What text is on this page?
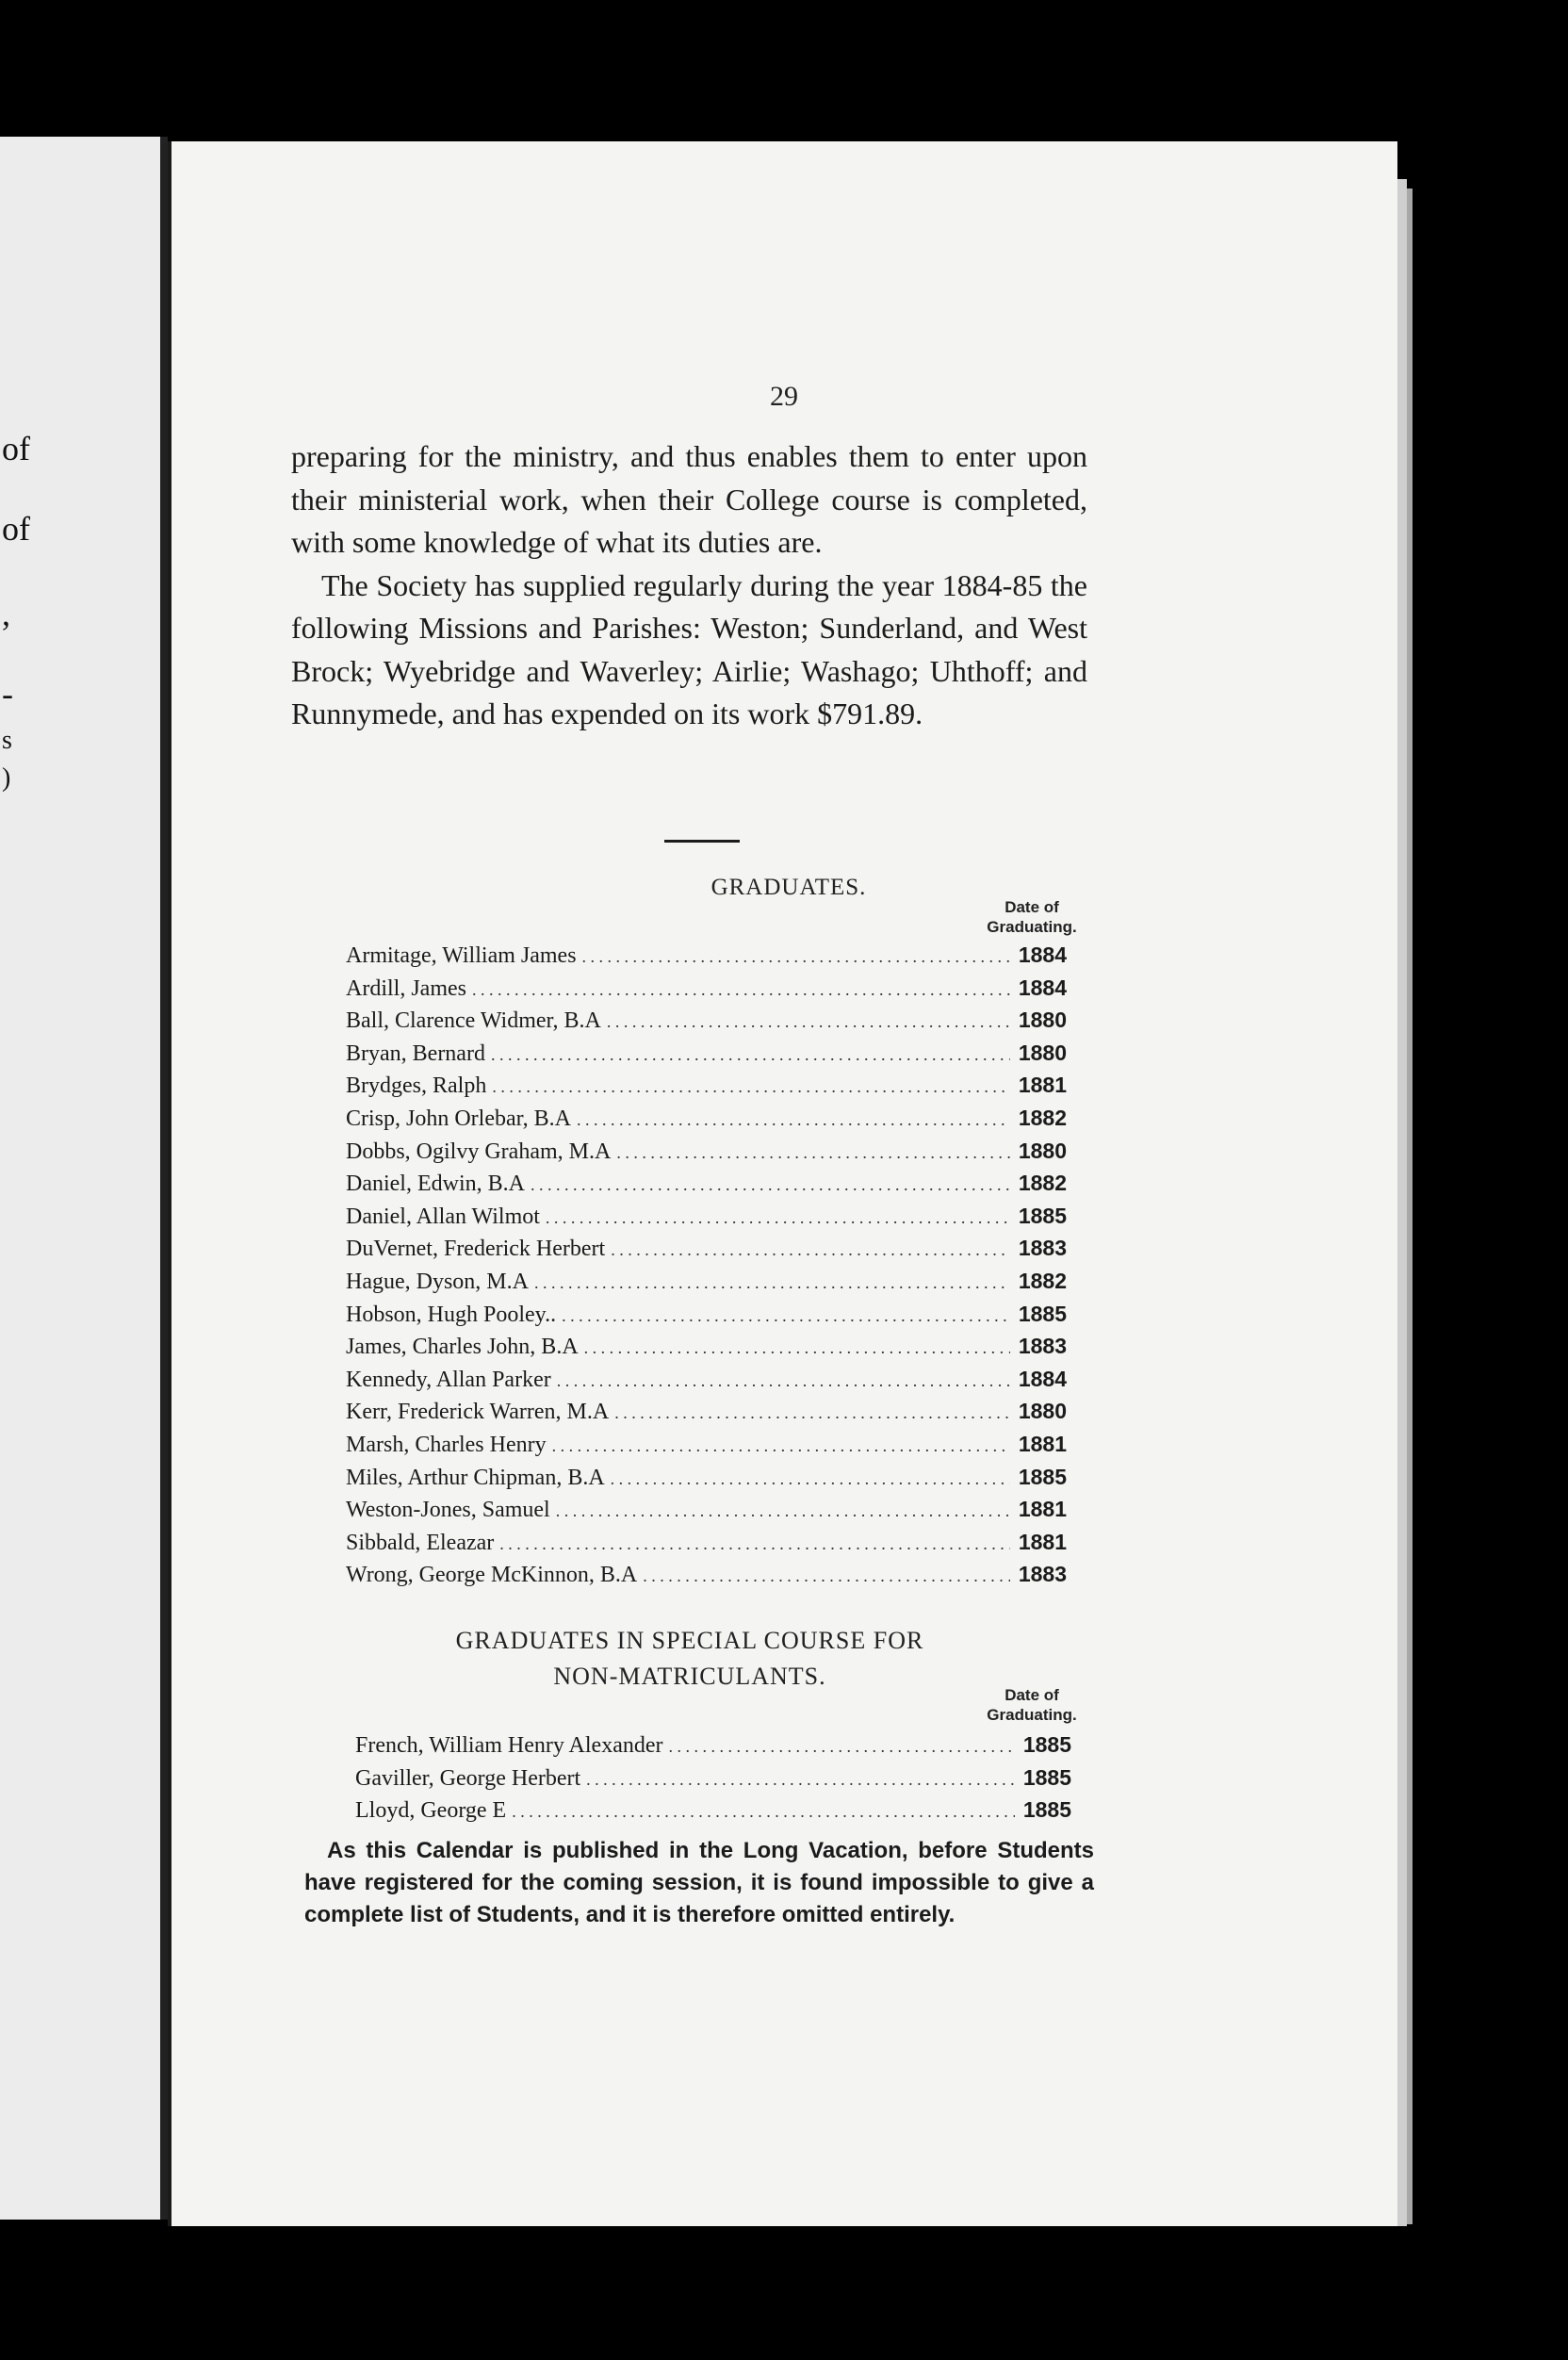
of
of
,
-
s
)
29

preparing for the ministry, and thus enables them to enter upon their ministerial work, when their College course is completed, with some knowledge of what its duties are.

The Society has supplied regularly during the year 1884-85 the following Missions and Parishes: Weston; Sunderland, and West Brock; Wyebridge and Waverley; Airlie; Washago; Uhthoff; and Runnymede, and has expended on its work $791.89.

GRADUATES.
Date of
Graduating.
Armitage, William James . . .	1884
Ardill, James . . .	1884
Ball, Clarence Widmer, B.A . . .	1880
Bryan, Bernard . . .	1880
Brydges, Ralph . . .	1881
Crisp, John Orlebar, B.A . . .	1882
Dobbs, Ogilvy Graham, M.A . . .	1880
Daniel, Edwin, B.A . . .	1882
Daniel, Allan Wilmot . . .	1885
DuVernet, Frederick Herbert . . .	1883
Hague, Dyson, M.A . . .	1882
Hobson, Hugh Pooley.. . . .	1885
James, Charles John, B.A . . .	1883
Kennedy, Allan Parker . . .	1884
Kerr, Frederick Warren, M.A . . .	1880
Marsh, Charles Henry . . .	1881
Miles, Arthur Chipman, B.A . . .	1885
Weston-Jones, Samuel . . .	1881
Sibbald, Eleazar . . .	1881
Wrong, George McKinnon, B.A . . .	1883
GRADUATES IN SPECIAL COURSE FOR
NON-MATRICULANTS.
Date of
Graduating.
French, William Henry Alexander . . .	1885
Gaviller, George Herbert . . .	1885
Lloyd, George E . . .	1885

As this Calendar is published in the Long Vacation, before Students have registered for the coming session, it is found impossible to give a complete list of Students, and it is therefore omitted entirely.
